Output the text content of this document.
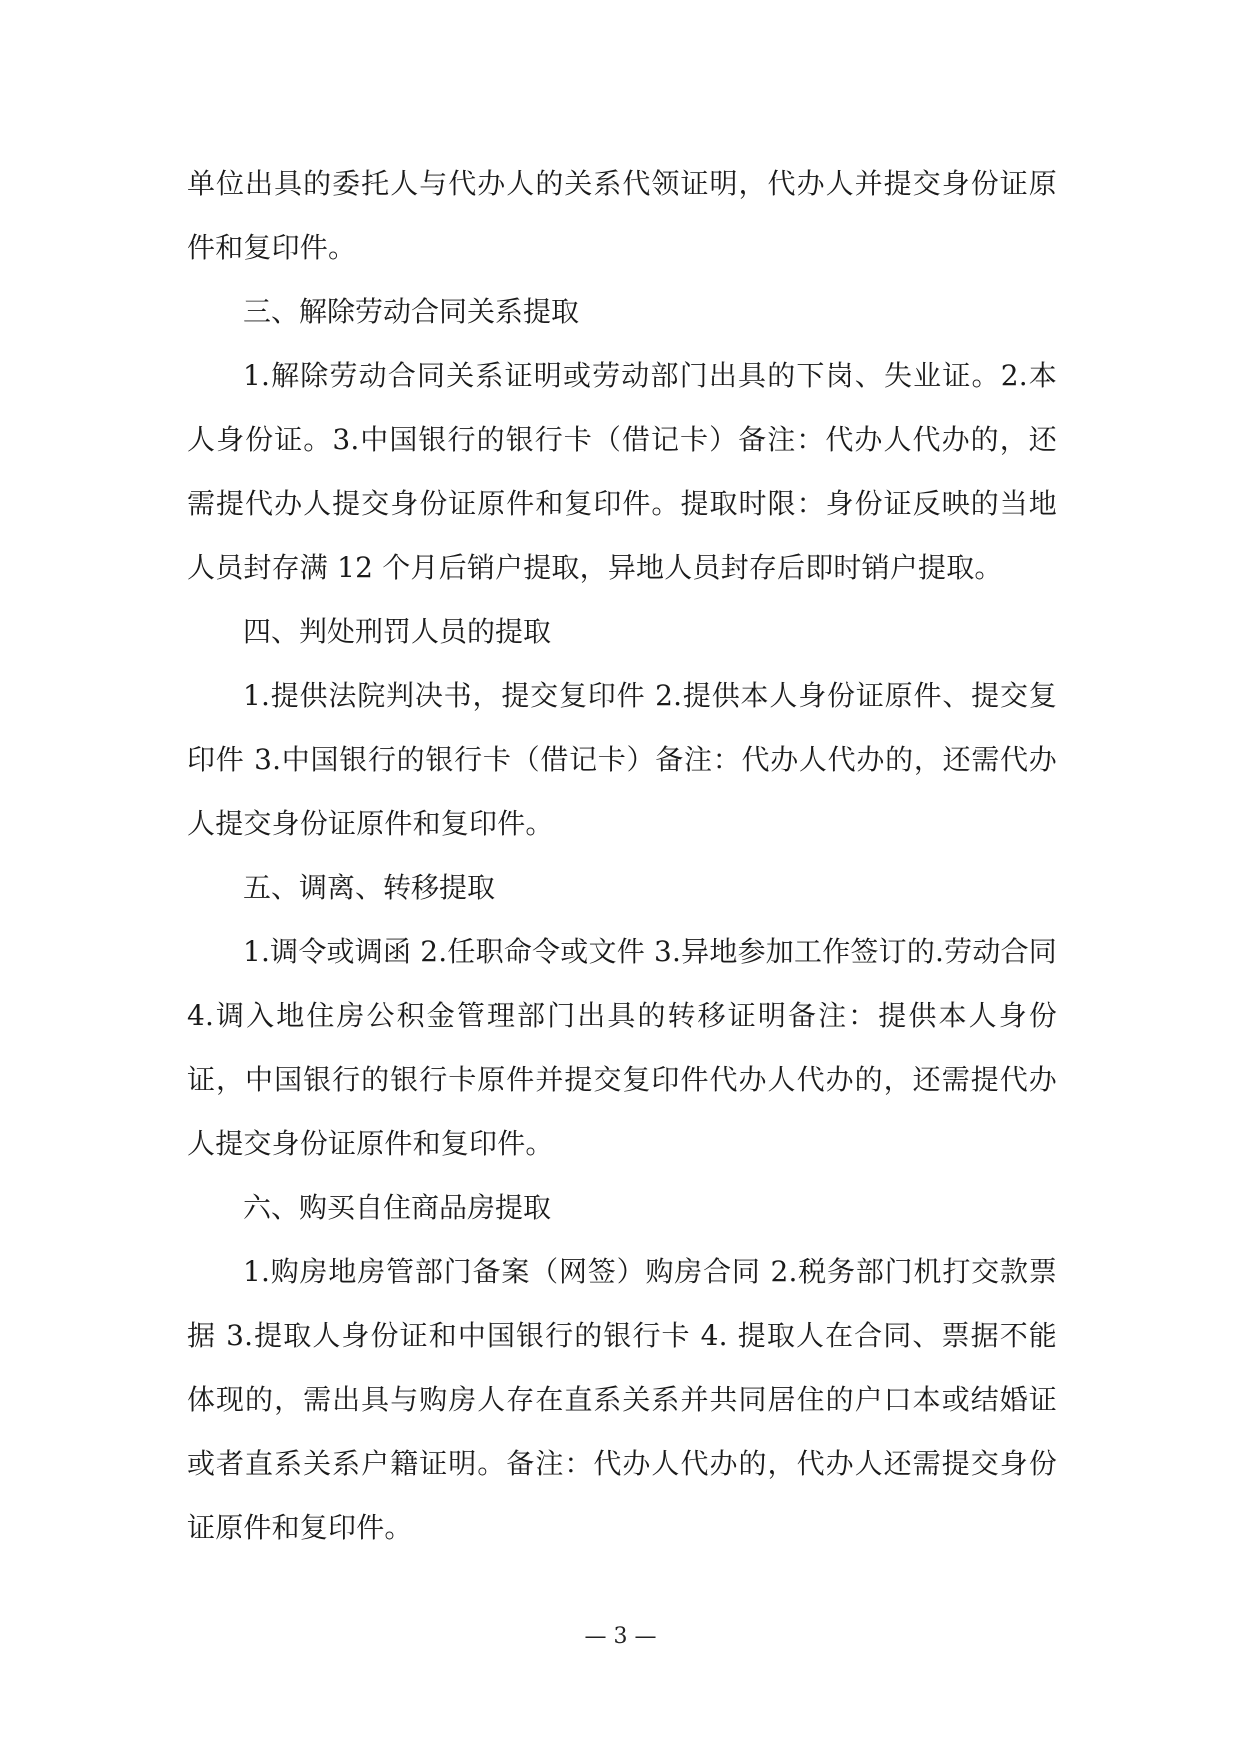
单位出具的委托人与代办人的关系代领证明，代办人并提交身份证原件和复印件。

三、解除劳动合同关系提取

1.解除劳动合同关系证明或劳动部门出具的下岗、失业证。2.本人身份证。3.中国银行的银行卡（借记卡）备注：代办人代办的，还需提代办人提交身份证原件和复印件。提取时限：身份证反映的当地人员封存满 12 个月后销户提取，异地人员封存后即时销户提取。

四、判处刑罚人员的提取

1.提供法院判决书，提交复印件 2.提供本人身份证原件、提交复印件 3.中国银行的银行卡（借记卡）备注：代办人代办的，还需代办人提交身份证原件和复印件。

五、调离、转移提取

1.调令或调函 2.任职命令或文件 3.异地参加工作签订的.劳动合同 4.调入地住房公积金管理部门出具的转移证明备注：提供本人身份证，中国银行的银行卡原件并提交复印件代办人代办的，还需提代办人提交身份证原件和复印件。

六、购买自住商品房提取

1.购房地房管部门备案（网签）购房合同 2.税务部门机打交款票据 3.提取人身份证和中国银行的银行卡 4. 提取人在合同、票据不能体现的，需出具与购房人存在直系关系并共同居住的户口本或结婚证或者直系关系户籍证明。备注：代办人代办的，代办人还需提交身份证原件和复印件。

— 3 —
